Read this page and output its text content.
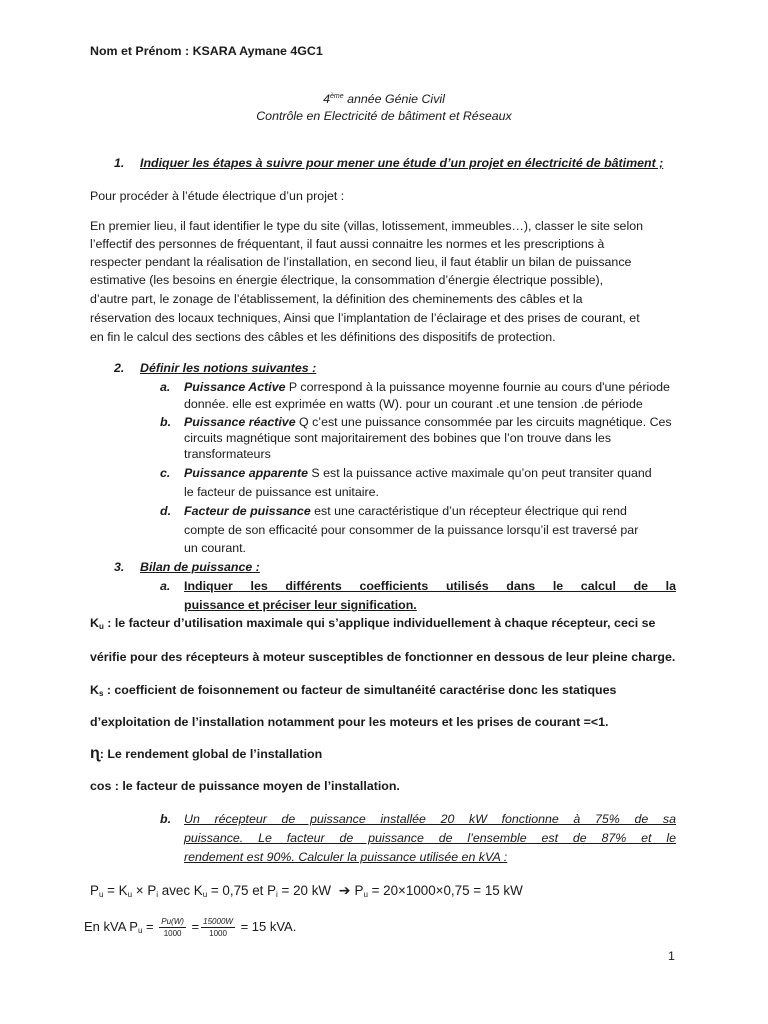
Nom et Prénom : KSARA Aymane 4GC1
4ème année Génie Civil
Contrôle en Electricité de bâtiment et Réseaux
1. Indiquer les étapes à suivre pour mener une étude d’un projet en électricité de bâtiment ;
Pour procéder à l’étude électrique d’un projet :
En premier lieu, il faut identifier le type du site (villas, lotissement, immeubles…), classer le site selon
l’effectif des personnes de fréquentant, il faut aussi connaitre les normes et les prescriptions à
respecter pendant la réalisation de l’installation, en second lieu, il faut établir un bilan de puissance
estimative (les besoins en énergie électrique, la consommation d’énergie électrique possible),
d’autre part, le zonage de l’établissement, la définition des cheminements des câbles et la
réservation des locaux techniques, Ainsi que l’implantation de l’éclairage et des prises de courant, et
en fin le calcul des sections des câbles et les définitions des dispositifs de protection.
2. Définir les notions suivantes :
a. Puissance Active P correspond à la puissance moyenne fournie au cours d'une période
donnée. elle est exprimée en watts (W). pour un courant .et une tension .de période
b. Puissance réactive Q c’est une puissance consommée par les circuits magnétique. Ces
circuits magnétique sont majoritairement des bobines que l’on trouve dans les
transformateurs
c. Puissance apparente S est la puissance active maximale qu’on peut transiter quand
le facteur de puissance est unitaire.
d. Facteur de puissance est une caractéristique d’un récepteur électrique qui rend
compte de son efficacité pour consommer de la puissance lorsqu’il est traversé par
un courant.
3. Bilan de puissance :
a. Indiquer les différents coefficients utilisés dans le calcul de la
puissance et préciser leur signification.
$K_u$ : le facteur d’utilisation maximale qui s’applique individuellement à chaque récepteur, ceci se
vérifie pour des récepteurs à moteur susceptibles de fonctionner en dessous de leur pleine charge.
$K_s$ : coefficient de foisonnement ou facteur de simultanéité caractérise donc les statiques
d’exploitation de l’installation notamment pour les moteurs et les prises de courant =<1.
ɳ: Le rendement global de l’installation
cos : le facteur de puissance moyen de l’installation.
b. Un récepteur de puissance installée 20 kW fonctionne à 75% de sa
puissance. Le facteur de puissance de l’ensemble est de 87% et le
rendement est 90%. Calculer la puissance utilisée en kVA :
$P_u = K_u \times P_i$ avec $K_u = 0,75$ et $P_i = 20$ kW ➔ $P_u = 20\times 1000\times 0,75 = 15$ kW
En kVA $P_u = \frac{Pu(W)}{1000} = \frac{15000W}{1000} = 15$ kVA.
1
